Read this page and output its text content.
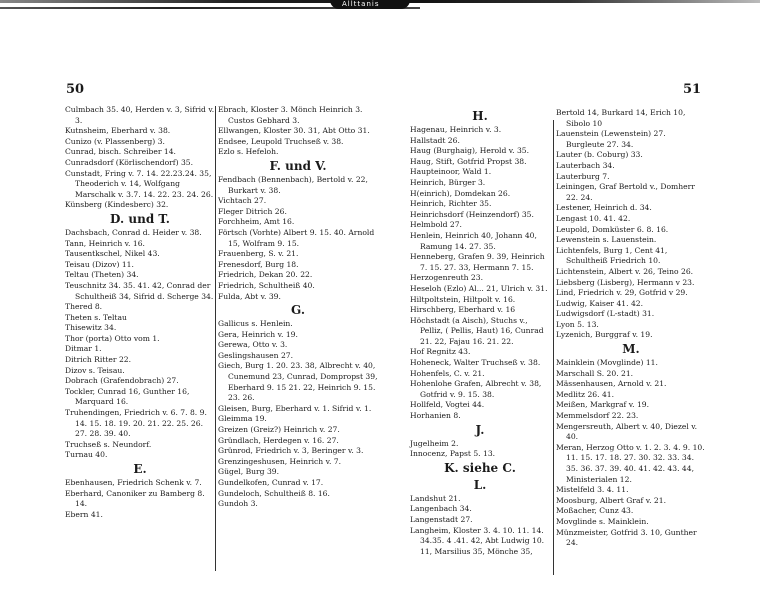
Allttanis
50	51
Culmbach 35. 40, Herden v. 3, Sifrid v. 3.
Kutnsheim, Eberhard v. 38.
Cunizo (v. Plassenberg) 3.
Cunrad, bisch. Schreiber 14.
Cunradsdorf (Körlischendorf) 35.
Cunstadt, Fring v. 7. 14. 22.23.24. 35, Theoderich v. 14, Wolfgang Marschalk v. 3.7. 14. 22. 23. 24. 26.
Künsberg (Kindesberc) 32.
D. und T.
Dachsbach, Conrad d. Heider v. 38.
Tann, Heinrich v. 16.
Tausentkschel, Nikel 43.
Teisau (Dizov) 11.
Teltau (Theten) 34.
Teuschnitz 34. 35. 41. 42, Conrad der Schultheiß 34, Sifrid d. Scherge 34.
Thered 8.
Theten s. Teltau
Thisewitz 34.
Thor (porta) Otto vom 1.
Ditmar 1.
Ditrich Ritter 22.
Dizov s. Teisau.
Dobrach (Grafendobrach) 27.
Tockler, Cunrad 16, Gunther 16, Marquard 16.
Truhendingen, Friedrich v. 6. 7. 8. 9. 14. 15. 18. 19. 20. 21. 22. 25. 26. 27. 28. 39. 40.
Truchseß s. Neundorf.
Turnau 40.
E.
Ebenhausen, Friedrich Schenk v. 7.
Eberhard, Canoniker zu Bamberg 8. 14.
Ebern 41.
Ebrach, Kloster 3. Mönch Heinrich 3. Custos Gebhard 3.
Ellwangen, Kloster 30. 31, Abt Otto 31.
Endsee, Leupold Truchseß v. 38.
Ezlo s. Hefeloh.
F. und V.
Fendbach (Bennenbach), Bertold v. 22, Burkart v. 38.
Vichtach 27.
Fleger Ditrich 26.
Forchheim, Amt 16.
Förtsch (Vorhte) Albert 9. 15. 40. Arnold 15, Wolfram 9. 15.
Frauenberg, S. v. 21.
Frenesdorf, Burg 18.
Friedrich, Dekan 20. 22.
Friedrich, Schultheiß 40.
Fulda, Abt v. 39.
G.
Gallicus s. Henlein.
Gera, Heinrich v. 19.
Gerewa, Otto v. 3.
Geslingshausen 27.
Giech, Burg 1. 20. 23. 38, Albrecht v. 40, Cunemund 23, Cunrad, Dompropst 39, Eberhard 9. 15 21. 22, Heinrich 9. 15. 23. 26.
Gleisen, Burg, Eberhard v. 1. Sifrid v. 1.
Gleimma 19.
Greizen (Greiz?) Heinrich v. 27.
Gründlach, Herdegen v. 16. 27.
Grünrod, Friedrich v. 3, Beringer v. 3.
Grenzingeshusen, Heinrich v. 7.
Gügel, Burg 39.
Gundelkofen, Cunrad v. 17.
Gundeloch, Schultheiß 8. 16.
Gundoh 3.
H.
Hagenau, Heinrich v. 3.
Hallstadt 26.
Haug (Burghaig), Herold v. 35.
Haug, Stift, Gotfrid Propst 38.
Haupteinoor, Wald 1.
Heinrich, Bürger 3.
H(einrich), Domdekan 26.
Heinrich, Richter 35.
Heinrichsdorf (Heinzendorf) 35.
Helmbold 27.
Henlein, Heinrich 40, Johann 40, Ramung 14. 27. 35.
Henneberg, Grafen 9. 39, Heinrich 7. 15. 27. 33, Hermann 7. 15.
Herzogenreuth 23.
Heseloh (Ezlo) Al... 21, Ulrich v. 31.
Hiltpoltstein, Hiltpolt v. 16.
Hirschberg, Eberhard v. 16
Höchstadt (a Aisch), Stuchs v., Pelliz, ( Pellis, Haut) 16, Cunrad 21. 22, Fajau 16. 21. 22.
Hof Regnitz 43.
Hoheneck, Walter Truchseß v. 38.
Hohenfels, C. v. 21.
Hohenlohe Grafen, Albrecht v. 38, Gotfrid v. 9. 15. 38.
Hollfeld, Vogtei 44.
Horhanien 8.
J.
Jugelheim 2.
Innocenz, Papst 5. 13.
K. siehe C.
L.
Landshut 21.
Langenbach 34.
Langenstadt 27.
Langheim, Kloster 3. 4. 10. 11. 14. 34.35. 4 .41. 42, Abt Ludwig 10. 11, Marsilius 35, Mönche 35,
Bertold 14, Burkard 14, Erich 10, Sibolo 10
Lauenstein (Lewenstein) 27. Burgleute 27. 34.
Lauter (b. Coburg) 33.
Lauterbach 34.
Lauterburg 7.
Leiningen, Graf Bertold v., Domherr 22. 24.
Lestener, Heinrich d. 34.
Lengast 10. 41. 42.
Leupold, Domküster 6. 8. 16.
Lewenstein s. Lauenstein.
Lichtenfels, Burg 1, Cent 41, Schultheiß Friedrich 10.
Lichtenstein, Albert v. 26, Teino 26.
Liebsberg (Lisberg), Hermann v 23.
Lind, Friedrich v. 29, Gotfrid v 29.
Ludwig, Kaiser 41. 42.
Ludwigsdorf (L-stadt) 31.
Lyon 5. 13.
Lyzenich, Burggraf v. 19.
M.
Mainklein (Movglinde) 11.
Marschall S. 20. 21.
Mässenhausen, Arnold v. 21.
Medlitz 26. 41.
Meißen, Markgraf v. 19.
Memmelsdorf 22. 23.
Mengersreuth, Albert v. 40, Diezel v. 40.
Meran, Herzog Otto v. 1. 2. 3. 4. 9. 10. 11. 15. 17. 18. 27. 30. 32. 33. 34. 35. 36. 37. 39. 40. 41. 42. 43. 44, Ministerialen 12.
Mistelfeld 3. 4. 11.
Moosburg, Albert Graf v. 21.
Moßacher, Cunz 43.
Movglinde s. Mainklein.
Münzmeister, Gotfrid 3. 10, Gunther 24.
